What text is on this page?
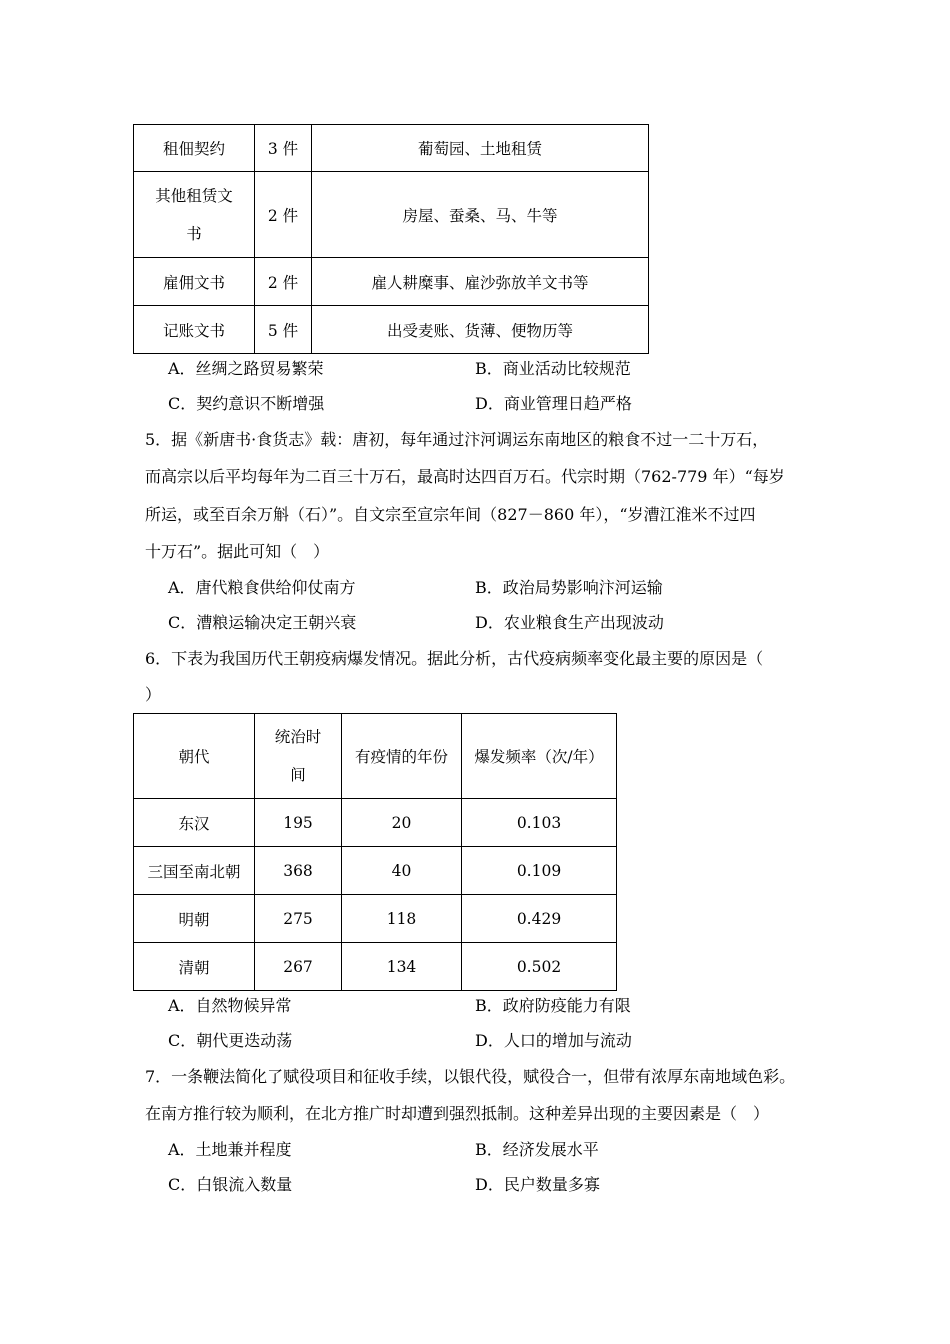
租佃契约	3 件	葡萄园、土地租赁

其他租赁文
书	2 件	房屋、蚕桑、马、牛等
雇佣文书	2 件	雇人耕糜事、雇沙弥放羊文书等
记账文书	5 件	出受麦账、货薄、便物历等
A．丝绸之路贸易繁荣	B．商业活动比较规范
C．契约意识不断增强	D．商业管理日趋严格
5．据《新唐书·食货志》载：唐初，每年通过汴河调运东南地区的粮食不过一二十万石，
而高宗以后平均每年为二百三十万石，最高时达四百万石。代宗时期（762-779 年）“每岁
所运，或至百余万斛（石）”。自文宗至宣宗年间（827－860 年），“岁漕江淮米不过四
十万石”。据此可知（　）
A．唐代粮食供给仰仗南方	B．政治局势影响汴河运输
C．漕粮运输决定王朝兴衰	D．农业粮食生产出现波动
6．下表为我国历代王朝疫病爆发情况。据此分析，古代疫病频率变化最主要的原因是（
）
朝代	统治时
间	有疫情的年份	爆发频率（次/年）
东汉	195	20	0.103
三国至南北朝	368	40	0.109
明朝	275	118	0.429
清朝	267	134	0.502
A．自然物候异常	B．政府防疫能力有限
C．朝代更迭动荡	D．人口的增加与流动
7．一条鞭法简化了赋役项目和征收手续，以银代役，赋役合一，但带有浓厚东南地域色彩。
在南方推行较为顺利，在北方推广时却遭到强烈抵制。这种差异出现的主要因素是（　）
A．土地兼并程度	B．经济发展水平
C．白银流入数量	D．民户数量多寡
